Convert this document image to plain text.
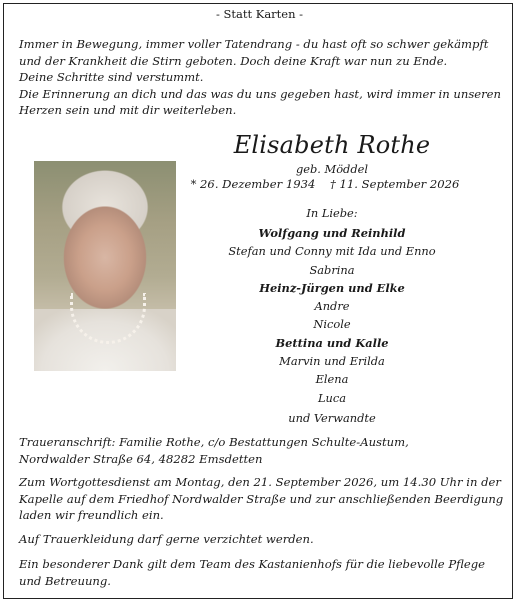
- Statt Karten -
Immer in Bewegung, immer voller Tatendrang - du hast oft so schwer gekämpft
und der Krankheit die Stirn geboten. Doch deine Kraft war nun zu Ende.
Deine Schritte sind verstummt.
Die Erinnerung an dich und das was du uns gegeben hast, wird immer in unseren
Herzen sein und mit dir weiterleben.
Elisabeth Rothe
geb. Möddel
* 26. Dezember 1934    † 11. September 2026
In Liebe:
Wolfgang und Reinhild
Stefan und Conny mit Ida und Enno
Sabrina
Heinz-Jürgen und Elke
Andre
Nicole
Bettina und Kalle
Marvin und Erilda
Elena
Luca
und Verwandte
Traueranschrift: Familie Rothe, c/o Bestattungen Schulte-Austum,
Nordwalder Straße 64, 48282 Emsdetten
Zum Wortgottesdienst am Montag, den 21. September 2026, um 14.30 Uhr in der
Kapelle auf dem Friedhof Nordwalder Straße und zur anschließenden Beerdigung
laden wir freundlich ein.
Auf Trauerkleidung darf gerne verzichtet werden.
Ein besonderer Dank gilt dem Team des Kastanienhofs für die liebevolle Pflege
und Betreuung.
